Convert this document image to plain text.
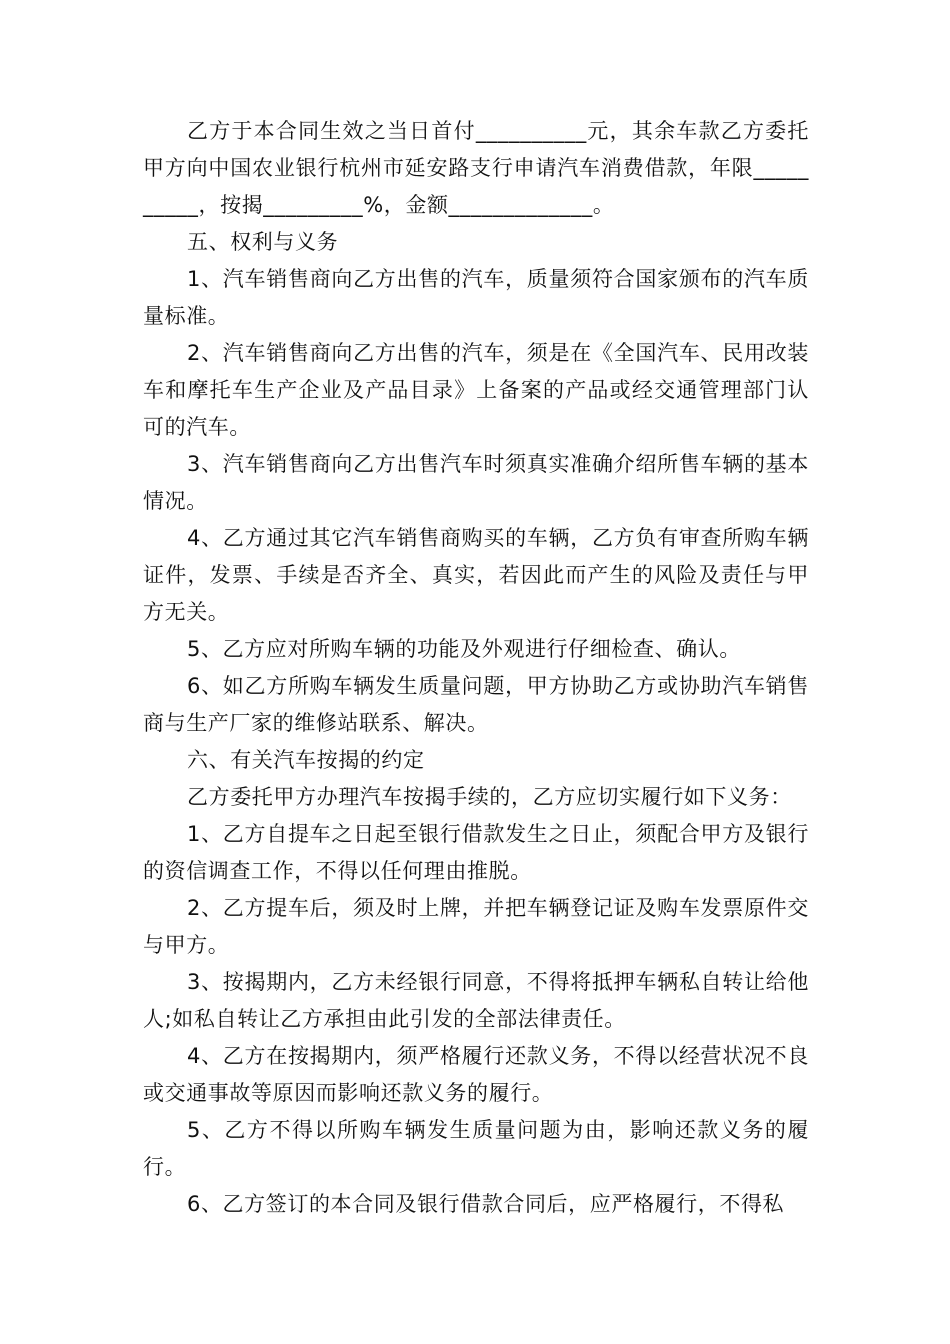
乙方于本合同生效之当日首付__________元，其余车款乙方委托甲方向中国农业银行杭州市延安路支行申请汽车消费借款，年限__________，按揭_________%，金额_____________。

五、权利与义务

1、汽车销售商向乙方出售的汽车，质量须符合国家颁布的汽车质量标准。

2、汽车销售商向乙方出售的汽车，须是在《全国汽车、民用改装车和摩托车生产企业及产品目录》上备案的产品或经交通管理部门认可的汽车。

3、汽车销售商向乙方出售汽车时须真实准确介绍所售车辆的基本情况。

4、乙方通过其它汽车销售商购买的车辆，乙方负有审查所购车辆证件，发票、手续是否齐全、真实，若因此而产生的风险及责任与甲方无关。

5、乙方应对所购车辆的功能及外观进行仔细检查、确认。

6、如乙方所购车辆发生质量问题，甲方协助乙方或协助汽车销售商与生产厂家的维修站联系、解决。

六、有关汽车按揭的约定

乙方委托甲方办理汽车按揭手续的，乙方应切实履行如下义务：

1、乙方自提车之日起至银行借款发生之日止，须配合甲方及银行的资信调查工作，不得以任何理由推脱。

2、乙方提车后，须及时上牌，并把车辆登记证及购车发票原件交与甲方。

3、按揭期内，乙方未经银行同意，不得将抵押车辆私自转让给他人;如私自转让乙方承担由此引发的全部法律责任。

4、乙方在按揭期内，须严格履行还款义务，不得以经营状况不良或交通事故等原因而影响还款义务的履行。

5、乙方不得以所购车辆发生质量问题为由，影响还款义务的履行。

6、乙方签订的本合同及银行借款合同后，应严格履行，不得私
